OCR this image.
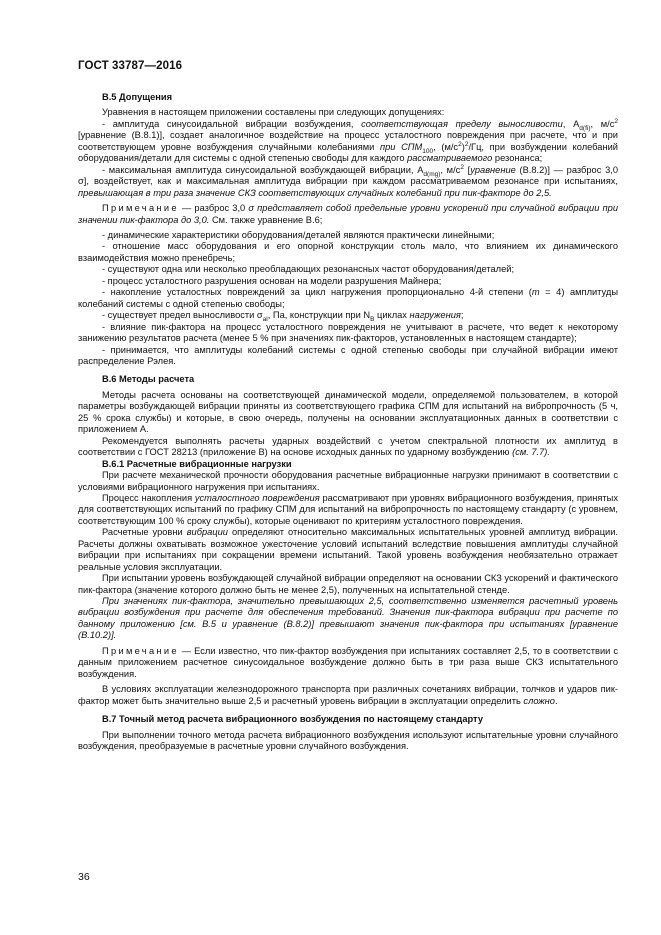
ГОСТ 33787—2016
В.5 Допущения

Уравнения в настоящем приложении составлены при следующих допущениях:

- амплитуда синусоидальной вибрации возбуждения, соответствующая пределу выносливости, $A_{d(fi)}$, $м/с^2$ [уравнение (В.8.1)], создает аналогичное воздействие на процесс усталостного повреждения при расчете, что и при соответствующем уровне возбуждения случайными колебаниями при $СПМ_{100}$, $(м/с^2)^2/Гц$, при возбуждении колебаний оборудования/детали для системы с одной степенью свободы для каждого рассматриваемого резонанса;

- максимальная амплитуда синусоидальной возбуждающей вибрации, $A_{d(mg)}$, $м/с^2$ [уравнение (В.8.2)] — разброс 3,0 σ], воздействует, как и максимальная амплитуда вибрации при каждом рассматриваемом резонансе при испытаниях, превышающая в три раза значение СКЗ соответствующих случайных колебаний при пик-факторе до 2,5.

Примечание — разброс 3,0 σ представляет собой предельные уровни ускорений при случайной вибрации при значении пик-фактора до 3,0. См. также уравнение В.6;

- динамические характеристики оборудования/деталей являются практически линейными;

- отношение масс оборудования и его опорной конструкции столь мало, что влиянием их динамического взаимодействия можно пренебречь;

- существуют одна или несколько преобладающих резонансных частот оборудования/деталей;

- процесс усталостного разрушения основан на модели разрушения Майнера;

- накопление усталостных повреждений за цикл нагружения пропорционально 4-й степени (m = 4) амплитуды колебаний системы с одной степенью свободы;

- существует предел выносливости $\sigma_{al}$, Па, конструкции при $N_B$ циклах нагружения;

- влияние пик-фактора на процесс усталостного повреждения не учитывают в расчете, что ведет к некоторому занижению результатов расчета (менее 5 % при значениях пик-факторов, установленных в настоящем стандарте);

- принимается, что амплитуды колебаний системы с одной степенью свободы при случайной вибрации имеют распределение Рэлея.

В.6 Методы расчета

Методы расчета основаны на соответствующей динамической модели, определяемой пользователем, в которой параметры возбуждающей вибрации приняты из соответствующего графика СПМ для испытаний на вибропрочность (5 ч, 25 % срока службы) и которые, в свою очередь, получены на основании эксплуатационных данных в соответствии с приложением А.

Рекомендуется выполнять расчеты ударных воздействий с учетом спектральной плотности их амплитуд в соответствии с ГОСТ 28213 (приложение В) на основе исходных данных по ударному возбуждению (см. 7.7).

В.6.1 Расчетные вибрационные нагрузки

При расчете механической прочности оборудования расчетные вибрационные нагрузки принимают в соответствии с условиями вибрационного нагружения при испытаниях.

Процесс накопления усталостного повреждения рассматривают при уровнях вибрационного возбуждения, принятых для соответствующих испытаний по графику СПМ для испытаний на вибропрочность по настоящему стандарту (с уровнем, соответствующим 100 % сроку службы), которые оценивают по критериям усталостного повреждения.

Расчетные уровни вибрации определяют относительно максимальных испытательных уровней амплитуд вибрации. Расчеты должны охватывать возможное ужесточение условий испытаний вследствие повышения амплитуды случайной вибрации при испытаниях при сокращении времени испытаний. Такой уровень возбуждения необязательно отражает реальные условия эксплуатации.

При испытании уровень возбуждающей случайной вибрации определяют на основании СКЗ ускорений и фактического пик-фактора (значение которого должно быть не менее 2,5), полученных на испытательной стенде.

При значениях пик-фактора, значительно превышающих 2,5, соответственно изменяется расчетный уровень вибрации возбуждения при расчете для обеспечения требований. Значения пик-фактора вибрации при расчете по данному приложению [см. В.5 и уравнение (В.8.2)] превышают значения пик-фактора при испытаниях [уравнение (В.10.2)].

Примечание — Если известно, что пик-фактор возбуждения при испытаниях составляет 2,5, то в соответствии с данным приложением расчетное синусоидальное возбуждение должно быть в три раза выше СКЗ испытательного возбуждения.

В условиях эксплуатации железнодорожного транспорта при различных сочетаниях вибрации, толчков и ударов пик-фактор может быть значительно выше 2,5 и расчетный уровень вибрации в эксплуатации определить сложно.

В.7 Точный метод расчета вибрационного возбуждения по настоящему стандарту

При выполнении точного метода расчета вибрационного возбуждения используют испытательные уровни случайного возбуждения, преобразуемые в расчетные уровни случайного возбуждения.

36
